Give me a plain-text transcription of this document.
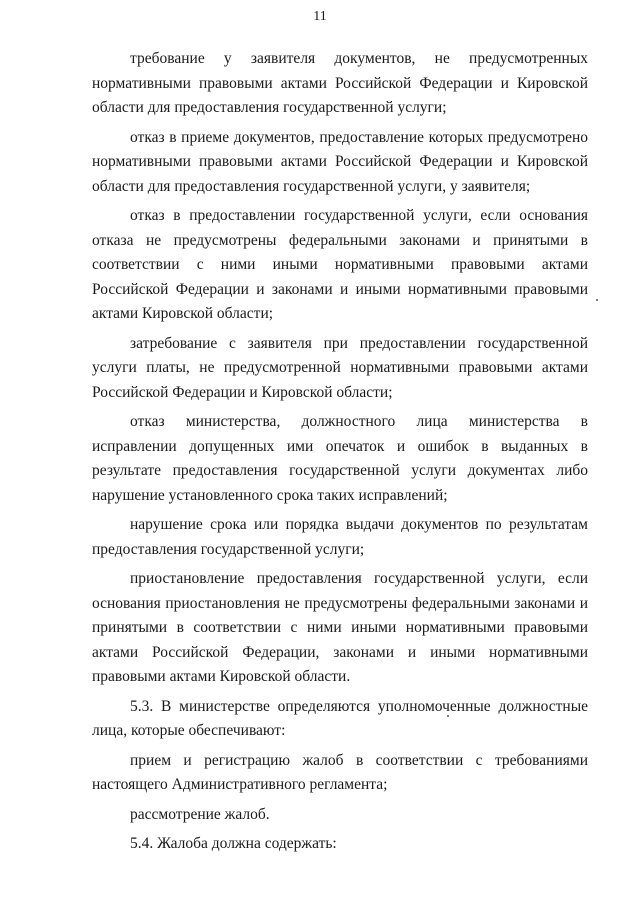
11

требование у заявителя документов, не предусмотренных нормативными правовыми актами Российской Федерации и Кировской области для предоставления государственной услуги;

отказ в приеме документов, предоставление которых предусмотрено нормативными правовыми актами Российской Федерации и Кировской области для предоставления государственной услуги, у заявителя;

отказ в предоставлении государственной услуги, если основания отказа не предусмотрены федеральными законами и принятыми в соответствии с ними иными нормативными правовыми актами Российской Федерации и законами и иными нормативными правовыми актами Кировской области;

затребование с заявителя при предоставлении государственной услуги платы, не предусмотренной нормативными правовыми актами Российской Федерации и Кировской области;

отказ министерства, должностного лица министерства в исправлении допущенных ими опечаток и ошибок в выданных в результате предоставления государственной услуги документах либо нарушение установленного срока таких исправлений;

нарушение срока или порядка выдачи документов по результатам предоставления государственной услуги;

приостановление предоставления государственной услуги, если основания приостановления не предусмотрены федеральными законами и принятыми в соответствии с ними иными нормативными правовыми актами Российской Федерации, законами и иными нормативными правовыми актами Кировской области.

5.3. В министерстве определяются уполномоченные должностные лица, которые обеспечивают:

прием и регистрацию жалоб в соответствии с требованиями настоящего Административного регламента;

рассмотрение жалоб.

5.4. Жалоба должна содержать:
